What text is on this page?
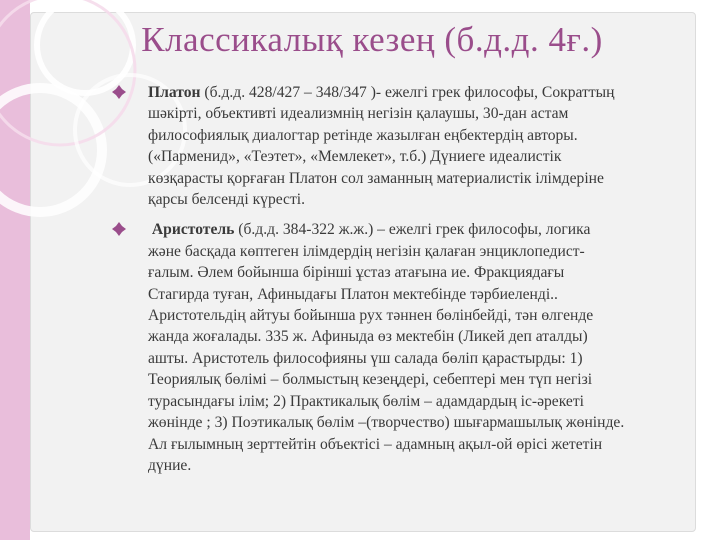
Классикалық кезең (б.д.д. 4ғ.)
Платон (б.д.д. 428/427 – 348/347 )- ежелгі грек философы, Сократтың
шәкірті, объективті идеализмнің негізін қалаушы, 30-дан астам
философиялық диалогтар ретінде жазылған еңбектердің авторы.
(«Парменид», «Теэтет», «Мемлекет», т.б.) Дүниеге идеалистік
көзқарасты қорғаған Платон сол заманның материалистік ілімдеріне
қарсы белсенді күресті.
Аристотель (б.д.д. 384-322 ж.ж.) – ежелгі грек философы, логика
және басқада көптеген ілімдердің негізін қалаған энциклопедист-
ғалым. Әлем бойынша бірінші ұстаз атағына ие. Фракциядағы
Стагирда туған, Афиныдағы Платон мектебінде тәрбиеленді..
Аристотельдің айтуы бойынша рух тәннен бөлінбейді, тән өлгенде
жанда жоғалады. 335 ж. Афиныда өз мектебін (Ликей деп аталды)
ашты. Аристотель философияны үш салада бөліп қарастырды: 1)
Теориялық бөлімі – болмыстың кезеңдері, себептері мен түп негізі
турасындағы ілім; 2) Практикалық бөлім – адамдардың іс-әрекеті
жөнінде ; 3) Поэтикалық бөлім –(творчество) шығармашылық жөнінде.
Ал ғылымның зерттейтін объектісі – адамның ақыл-ой өрісі жететін
дүние.
